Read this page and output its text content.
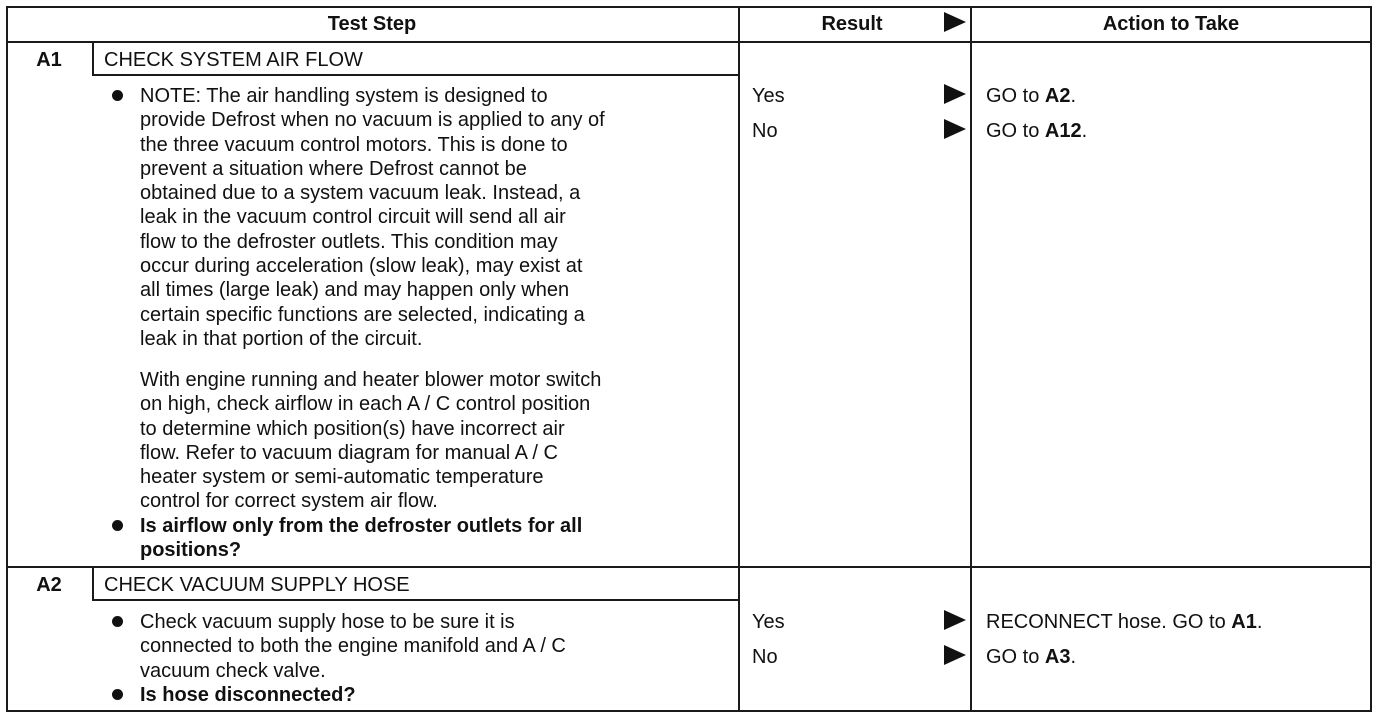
Test Step	Result	Action to Take
A1	CHECK SYSTEM AIR FLOW
NOTE: The air handling system is designed to
provide Defrost when no vacuum is applied to any of
the three vacuum control motors. This is done to
prevent a situation where Defrost cannot be
obtained due to a system vacuum leak. Instead, a
leak in the vacuum control circuit will send all air
flow to the defroster outlets. This condition may
occur during acceleration (slow leak), may exist at
all times (large leak) and may happen only when
certain specific functions are selected, indicating a
leak in that portion of the circuit.
With engine running and heater blower motor switch
on high, check airflow in each A / C control position
to determine which position(s) have incorrect air
flow. Refer to vacuum diagram for manual A / C
heater system or semi-automatic temperature
control for correct system air flow.
Is airflow only from the defroster outlets for all
positions?
Yes	GO to A2.
No	GO to A12.
A2	CHECK VACUUM SUPPLY HOSE
Check vacuum supply hose to be sure it is
connected to both the engine manifold and A / C
vacuum check valve.
Is hose disconnected?
Yes	RECONNECT hose. GO to A1.
No	GO to A3.
